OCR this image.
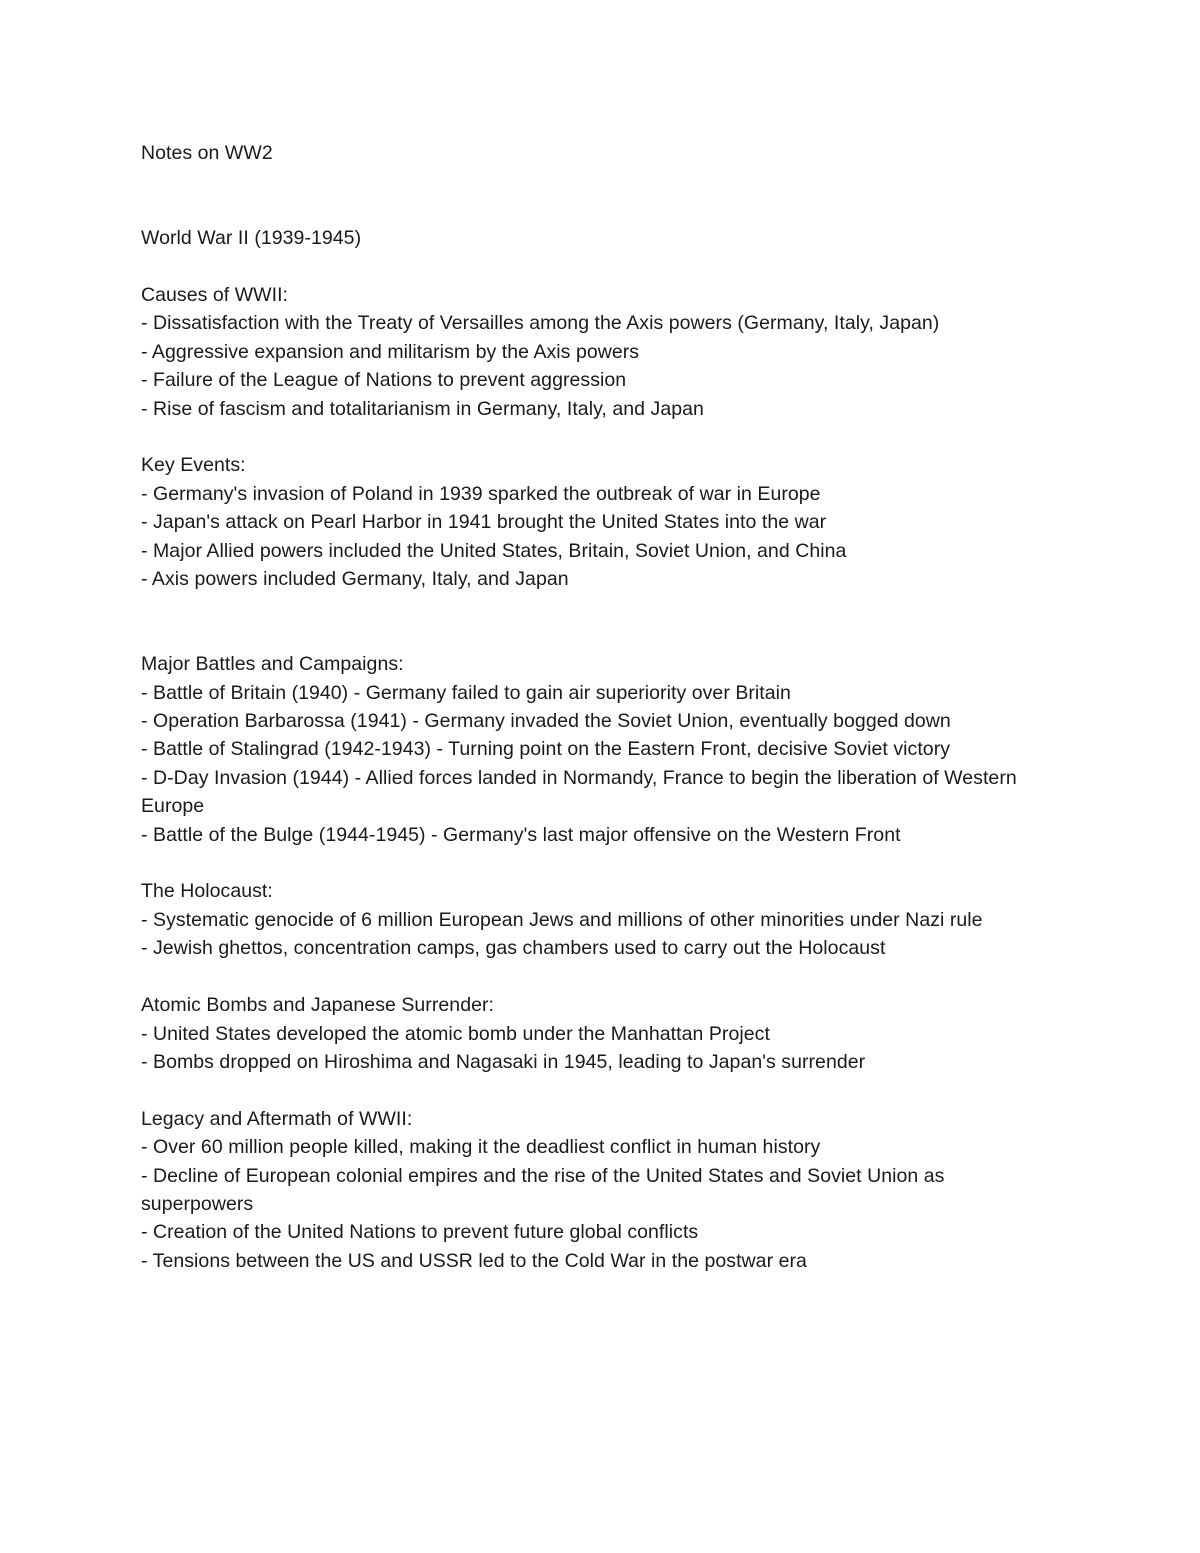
Notes on WW2
World War II (1939-1945)
Causes of WWII:
- Dissatisfaction with the Treaty of Versailles among the Axis powers (Germany, Italy, Japan)
- Aggressive expansion and militarism by the Axis powers
- Failure of the League of Nations to prevent aggression
- Rise of fascism and totalitarianism in Germany, Italy, and Japan
Key Events:
- Germany's invasion of Poland in 1939 sparked the outbreak of war in Europe
- Japan's attack on Pearl Harbor in 1941 brought the United States into the war
- Major Allied powers included the United States, Britain, Soviet Union, and China
- Axis powers included Germany, Italy, and Japan
Major Battles and Campaigns:
- Battle of Britain (1940) - Germany failed to gain air superiority over Britain
- Operation Barbarossa (1941) - Germany invaded the Soviet Union, eventually bogged down
- Battle of Stalingrad (1942-1943) - Turning point on the Eastern Front, decisive Soviet victory
- D-Day Invasion (1944) - Allied forces landed in Normandy, France to begin the liberation of Western Europe
- Battle of the Bulge (1944-1945) - Germany's last major offensive on the Western Front
The Holocaust:
- Systematic genocide of 6 million European Jews and millions of other minorities under Nazi rule
- Jewish ghettos, concentration camps, gas chambers used to carry out the Holocaust
Atomic Bombs and Japanese Surrender:
- United States developed the atomic bomb under the Manhattan Project
- Bombs dropped on Hiroshima and Nagasaki in 1945, leading to Japan's surrender
Legacy and Aftermath of WWII:
- Over 60 million people killed, making it the deadliest conflict in human history
- Decline of European colonial empires and the rise of the United States and Soviet Union as superpowers
- Creation of the United Nations to prevent future global conflicts
- Tensions between the US and USSR led to the Cold War in the postwar era
